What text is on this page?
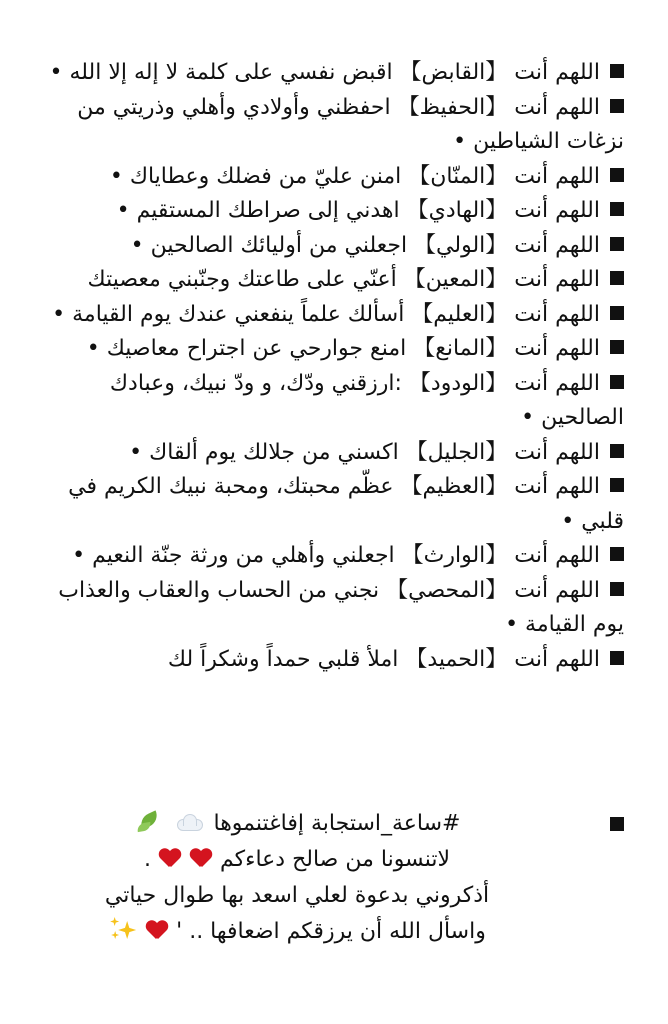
اللهم أنت 【القابض】 اقبض نفسي على كلمة لا إله إلا الله •
اللهم أنت 【الحفيظ】 احفظني وأولادي وأهلي وذريتي من نزغات الشياطين •
اللهم أنت 【المنّان】 امنن عليّ من فضلك وعطاياك •
اللهم أنت 【الهادي】 اهدني إلى صراطك المستقيم •
اللهم أنت 【الولي】 اجعلني من أوليائك الصالحين •
اللهم أنت 【المعين】 أعنّي على طاعتك وجنّبني معصيتك
اللهم أنت 【العليم】 أسألك علماً ينفعني عندك يوم القيامة •
اللهم أنت 【المانع】 امنع جوارحي عن اجتراح معاصيك •
اللهم أنت 【الودود】 :ارزقني ودّك، و ودّ نبيك، وعبادك الصالحين •
اللهم أنت 【الجليل】 اكسني من جلالك يوم ألقاك •
اللهم أنت 【العظيم】 عظّم محبتك، ومحبة نبيك الكريم في قلبي •
اللهم أنت 【الوارث】 اجعلني وأهلي من ورثة جنّة النعيم •
اللهم أنت 【المحصي】 نجني من الحساب والعقاب والعذاب يوم القيامة •
اللهم أنت 【الحميد】 املأ قلبي حمداً وشكراً لك
#ساعة_استجابة إفاغتنموها
لاتنسونا من صالح دعاءكم   .
أذكروني بدعوة لعلي اسعد بها طوال حياتي
واسأل الله أن يرزقكم اضعافها .. '
